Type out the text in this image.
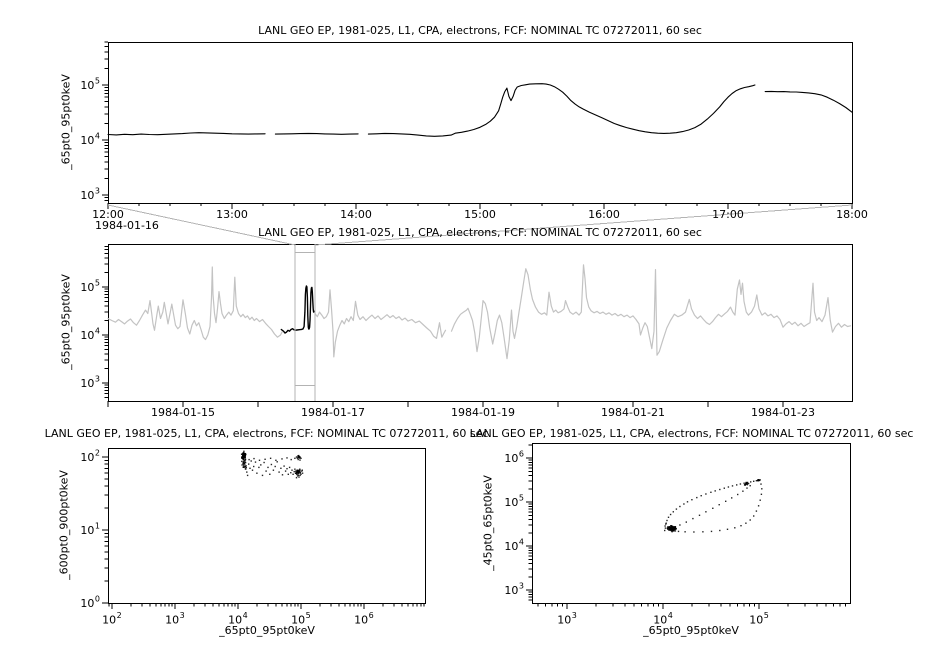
LANL GEO EP, 1981-025, L1, CPA, electrons, FCF: NOMINAL TC 07272011, 60 sec
LANL GEO EP, 1981-025, L1, CPA, electrons, FCF: NOMINAL TC 07272011, 60 sec
LANL GEO EP, 1981-025, L1, CPA, electrons, FCF: NOMINAL TC 07272011, 60 sec
LANL GEO EP, 1981-025, L1, CPA, electrons, FCF: NOMINAL TC 07272011, 60 sec
_65pt0_95pt0keV
_65pt0_95pt0keV
_600pt0_900pt0keV	_45pt0_65pt0keV
_65pt0_95pt0keV	_65pt0_95pt0keV
1984-01-16
$10^3$
$10^4$
$10^5$
12:00	13:00	14:00	15:00	16:00	17:00	18:00
$10^3$
$10^4$
$10^5$
1984-01-15	1984-01-17	1984-01-19	1984-01-21	1984-01-23
$10^0$
$10^1$
$10^2$
$10^2$	$10^3$	$10^4$	$10^5$	$10^6$
$10^3$
$10^4$
$10^5$
$10^6$
$10^3$	$10^4$	$10^5$
